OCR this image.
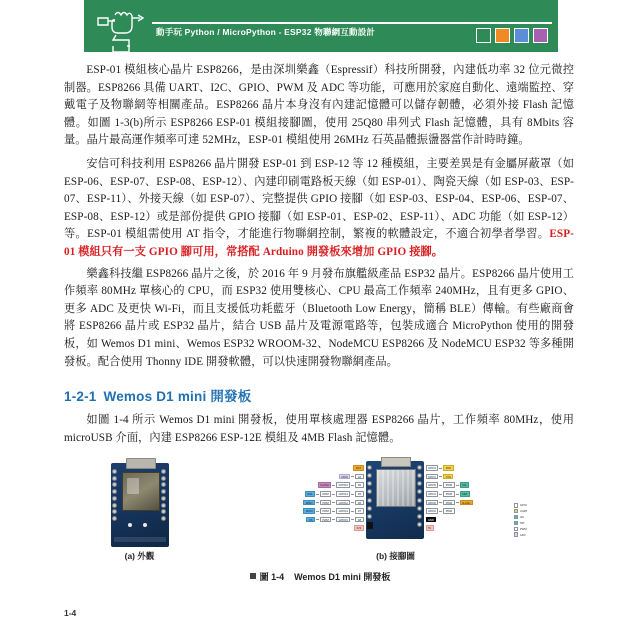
動手玩 Python / MicroPython - ESP32 物聯網互動設計

ESP-01 模組核心晶片 ESP8266，是由深圳樂鑫（Espressif）科技所開發，內建低功率 32 位元微控制器。ESP8266 具備 UART、I2C、GPIO、PWM 及 ADC 等功能，可應用於家庭自動化、遠端監控、穿戴電子及物聯網等相關產品。ESP8266 晶片本身沒有內建記憶體可以儲存韌體，必須外接 Flash 記憶體。如圖 1-3(b)所示 ESP8266 ESP-01 模組接腳圖，使用 25Q80 串列式 Flash 記憶體，具有 8Mbits 容量。晶片最高運作頻率可達 52MHz，ESP-01 模組使用 26MHz 石英晶體振盪器當作計時時鐘。

安信可科技利用 ESP8266 晶片開發 ESP-01 到 ESP-12 等 12 種模組，主要差異是有金屬屏蔽罩（如 ESP-06、ESP-07、ESP-08、ESP-12）、內建印刷電路板天線（如 ESP-01）、陶瓷天線（如 ESP-03、ESP-07、ESP-11）、外接天線（如 ESP-07）、完整提供 GPIO 接腳（如 ESP-03、ESP-04、ESP-06、ESP-07、ESP-08、ESP-12）或是部份提供 GPIO 接腳（如 ESP-01、ESP-02、ESP-11）、ADC 功能（如 ESP-12）等。ESP-01 模組需使用 AT 指令，才能進行物聯網控制，繁複的軟體設定，不適合初學者學習。ESP-01 模組只有一支 GPIO 腳可用，常搭配 Arduino 開發板來增加 GPIO 接腳。

樂鑫科技繼 ESP8266 晶片之後，於 2016 年 9 月發布旗艦級產品 ESP32 晶片。ESP8266 晶片使用工作頻率 80MHz 單核心的 CPU，而 ESP32 使用雙核心、CPU 最高工作頻率 240MHz，且有更多 GPIO、更多 ADC 及更快 Wi-Fi，而且支援低功耗藍牙（Bluetooth Low Energy，簡稱 BLE）傳輸。有些廠商會將 ESP8266 晶片或 ESP32 晶片，結合 USB 晶片及電源電路等，包裝成適合 MicroPython 使用的開發板，如 Wemos D1 mini、Wemos ESP32 WROOM-32、NodeMCU ESP8266 及 NodeMCU ESP32 等多種開發板。配合使用 Thonny IDE 開發軟體，可以快速開發物聯網產品。

1-2-1 Wemos D1 mini 開發板

如圖 1-4 所示 Wemos D1 mini 開發板，使用單核處理器 ESP8266 晶片，工作頻率 80MHz，使用 microUSB 介面，內建 ESP8266 ESP-12E 模組及 4MB Flash 記憶體。

(a) 外觀
RST
ADC0	A0
FLASH	GPIO16	D0
SCK	PWM	GPIO14	D5
MISO	PWM	GPIO12	D6
MOSI	PWM	GPIO13	D7
CS	PWM	GPIO15	D8
3V3
GPIO3	RXD
GPIO1	TXD
GPIO5	PWM	SCL
GPIO4	PWM	SDA
GPIO0	PWM	FLASH
GPIO2	PWM
GND
5V
GPIO
UART
I2C
SPI
PWM
ADC
(b) 接腳圖
圖 1-4 Wemos D1 mini 開發板
1-4
